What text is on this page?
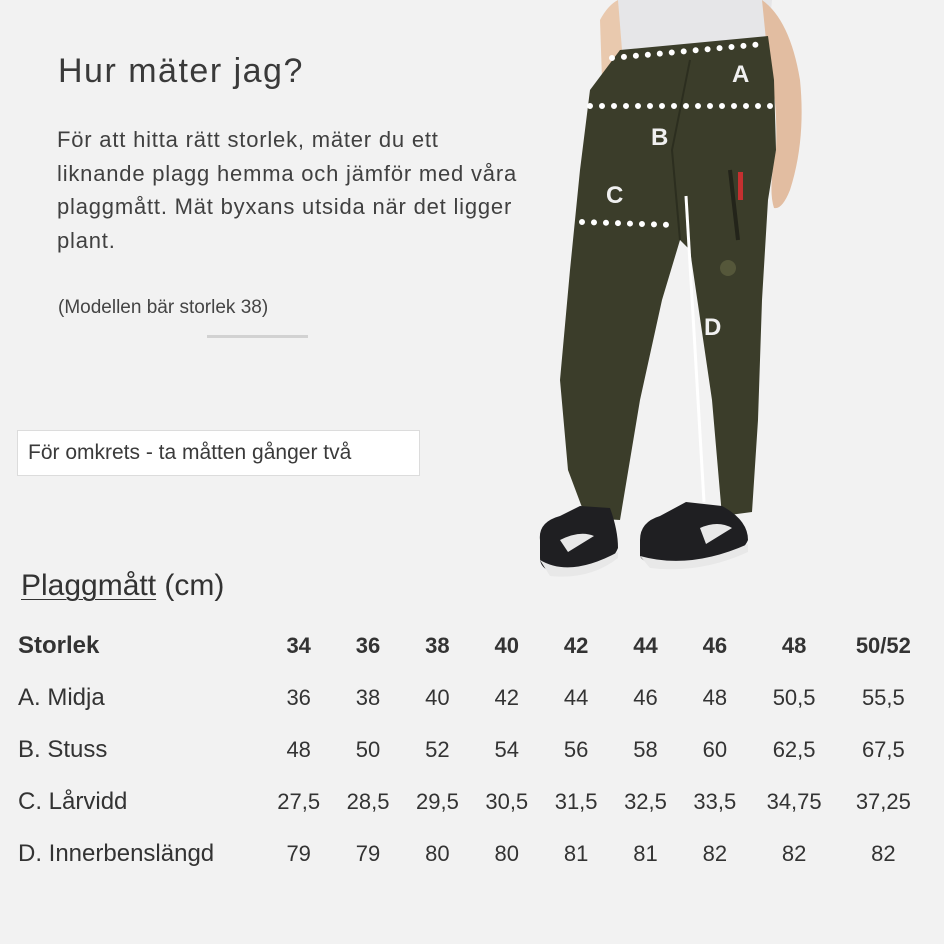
Hur mäter jag?
För att hitta rätt storlek, mäter du ett liknande plagg hemma och jämför med våra plaggmått. Mät byxans utsida när det ligger plant.
(Modellen bär storlek 38)
För omkrets - ta måtten gånger två
A
B
C
D
Plaggmått (cm)
Storlek	34	36	38	40	42	44	46	48	50/52
A. Midja	36	38	40	42	44	46	48	50,5	55,5
B. Stuss	48	50	52	54	56	58	60	62,5	67,5
C. Lårvidd	27,5	28,5	29,5	30,5	31,5	32,5	33,5	34,75	37,25
D. Innerbenslängd	79	79	80	80	81	81	82	82	82
